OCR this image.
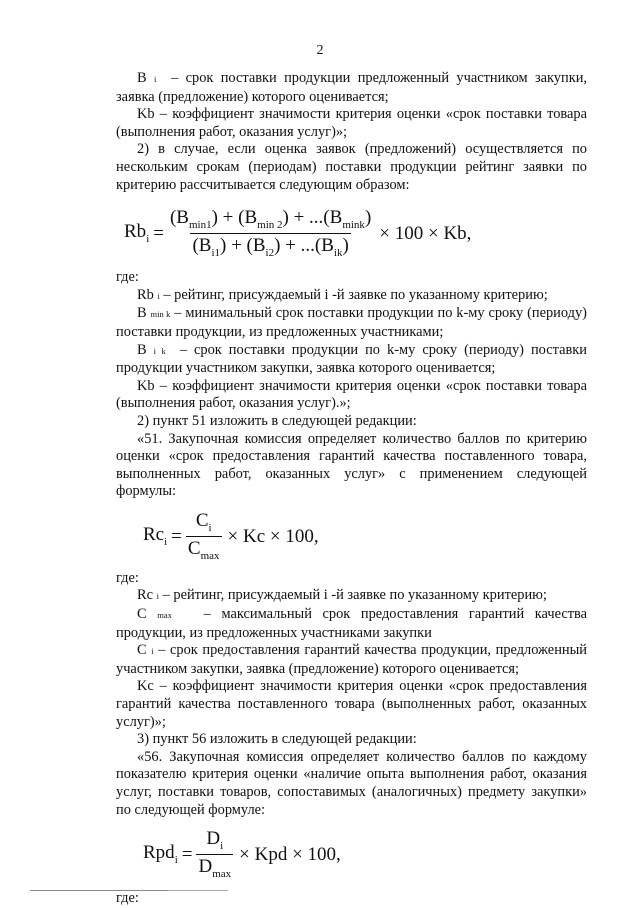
2

B i – срок поставки продукции предложенный участником закупки, заявка (предложение) которого оценивается;

Kb – коэффициент значимости критерия оценки «срок поставки товара (выполнения работ, оказания услуг)»;

2) в случае, если оценка заявок (предложений) осуществляется по нескольким срокам (периодам) поставки продукции рейтинг заявки по критерию рассчитывается следующим образом:

$Rb_i = \frac{(B_{min1}) + (B_{min 2}) + ...(B_{mink})}{(B_{i1}) + (B_{i2}) + ...(B_{ik})} \times 100 \times Kb$,

где:

Rb i – рейтинг, присуждаемый i -й заявке по указанному критерию;

B min k – минимальный срок поставки продукции по k-му сроку (периоду) поставки продукции, из предложенных участниками;

B i k – срок поставки продукции по k-му сроку (периоду) поставки продукции участником закупки, заявка которого оценивается;

Kb – коэффициент значимости критерия оценки «срок поставки товара (выполнения работ, оказания услуг).»;

2) пункт 51 изложить в следующей редакции:

«51. Закупочная комиссия определяет количество баллов по критерию оценки «срок предоставления гарантий качества поставленного товара, выполненных работ, оказанных услуг» с применением следующей формулы:

$Rc_i = \frac{C_i}{C_{max}} \times Kc \times 100$,

где:

Rc i – рейтинг, присуждаемый i -й заявке по указанному критерию;

C max – максимальный срок предоставления гарантий качества продукции, из предложенных участниками закупки

C i – срок предоставления гарантий качества продукции, предложенный участником закупки, заявка (предложение) которого оценивается;

Kc – коэффициент значимости критерия оценки «срок предоставления гарантий качества поставленного товара (выполненных работ, оказанных услуг)»;

3) пункт 56 изложить в следующей редакции:

«56. Закупочная комиссия определяет количество баллов по каждому показателю критерия оценки «наличие опыта выполнения работ, оказания услуг, поставки товаров, сопоставимых (аналогичных) предмету закупки» по следующей формуле:

$Rpd_i = \frac{D_i}{D_{max}}$ × Kpd × 100,

где:
